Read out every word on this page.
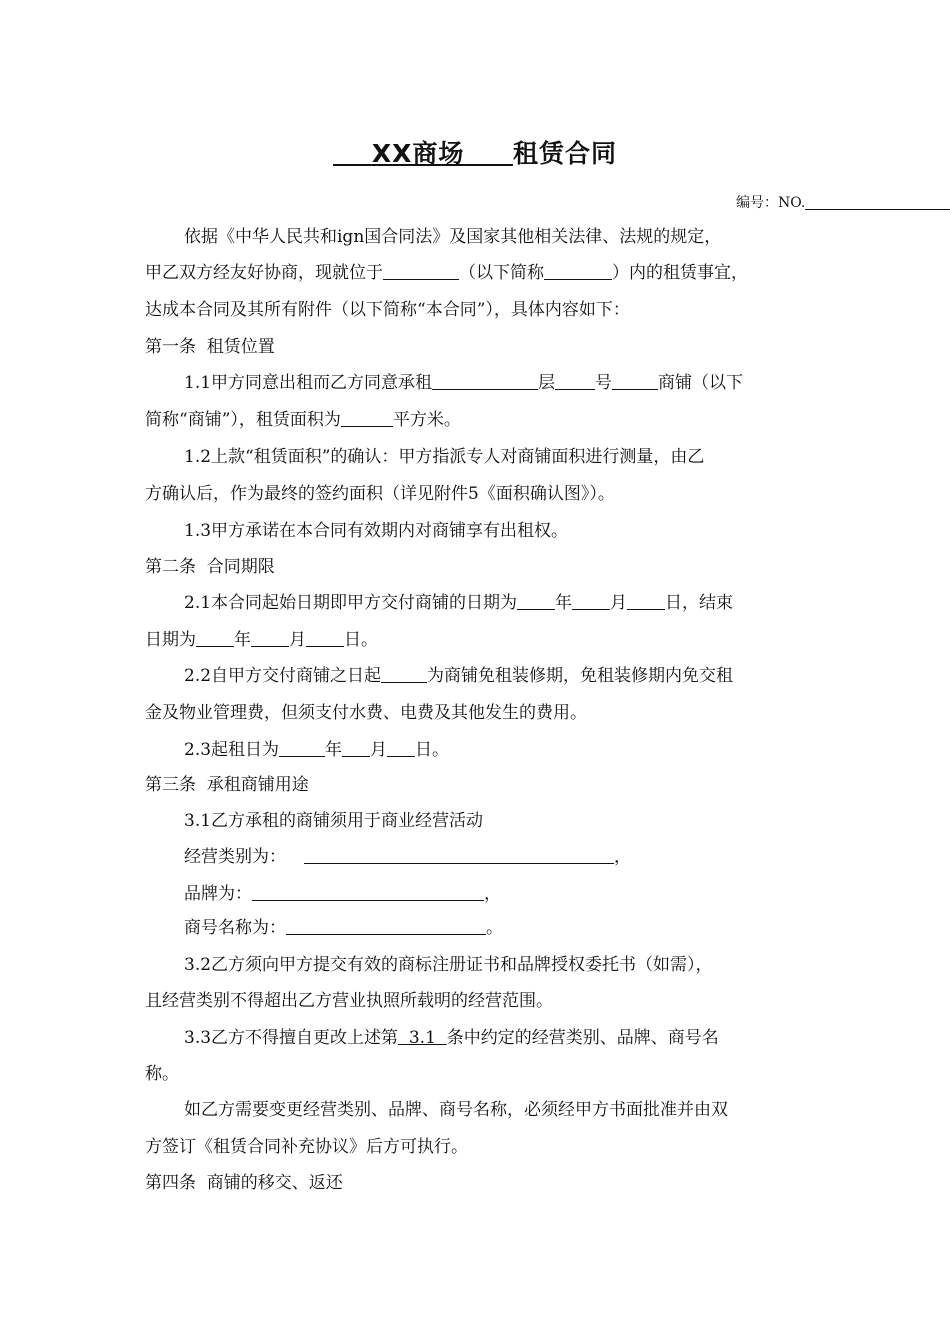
XX商场 租赁合同
编号：NO.
依据《中华人民共和ign国合同法》及国家其他相关法律、法规的规定，
甲乙双方经友好协商，现就位于	（以下简称	）内的租赁事宜，
达成本合同及其所有附件（以下简称“本合同”），具体内容如下：
第一条  租赁位置
1.1甲方同意出租而乙方同意承租	层 号	商铺（以下
简称“商铺”），租赁面积为	平方米。
1.2上款“租赁面积”的确认：甲方指派专人对商铺面积进行测量，由乙
方确认后，作为最终的签约面积（详见附件5《面积确认图》）。
1.3甲方承诺在本合同有效期内对商铺享有出租权。
第二条  合同期限
2.1本合同起始日期即甲方交付商铺的日期为 年 月 日，结束
日期为 年 月 日。
2.2自甲方交付商铺之日起	为商铺免租装修期，免租装修期内免交租
金及物业管理费，但须支付水费、电费及其他发生的费用。
2.3起租日为	年 月 日。
第三条  承租商铺用途
3.1乙方承租的商铺须用于商业经营活动
经营类别为：	，
品牌为：	，
商号名称为：	。
3.2乙方须向甲方提交有效的商标注册证书和品牌授权委托书（如需），
且经营类别不得超出乙方营业执照所载明的经营范围。
3.3乙方不得擅自更改上述第  3.1  条中约定的经营类别、品牌、商号名
称。
如乙方需要变更经营类别、品牌、商号名称，必须经甲方书面批准并由双
方签订《租赁合同补充协议》后方可执行。
第四条  商铺的移交、返还
